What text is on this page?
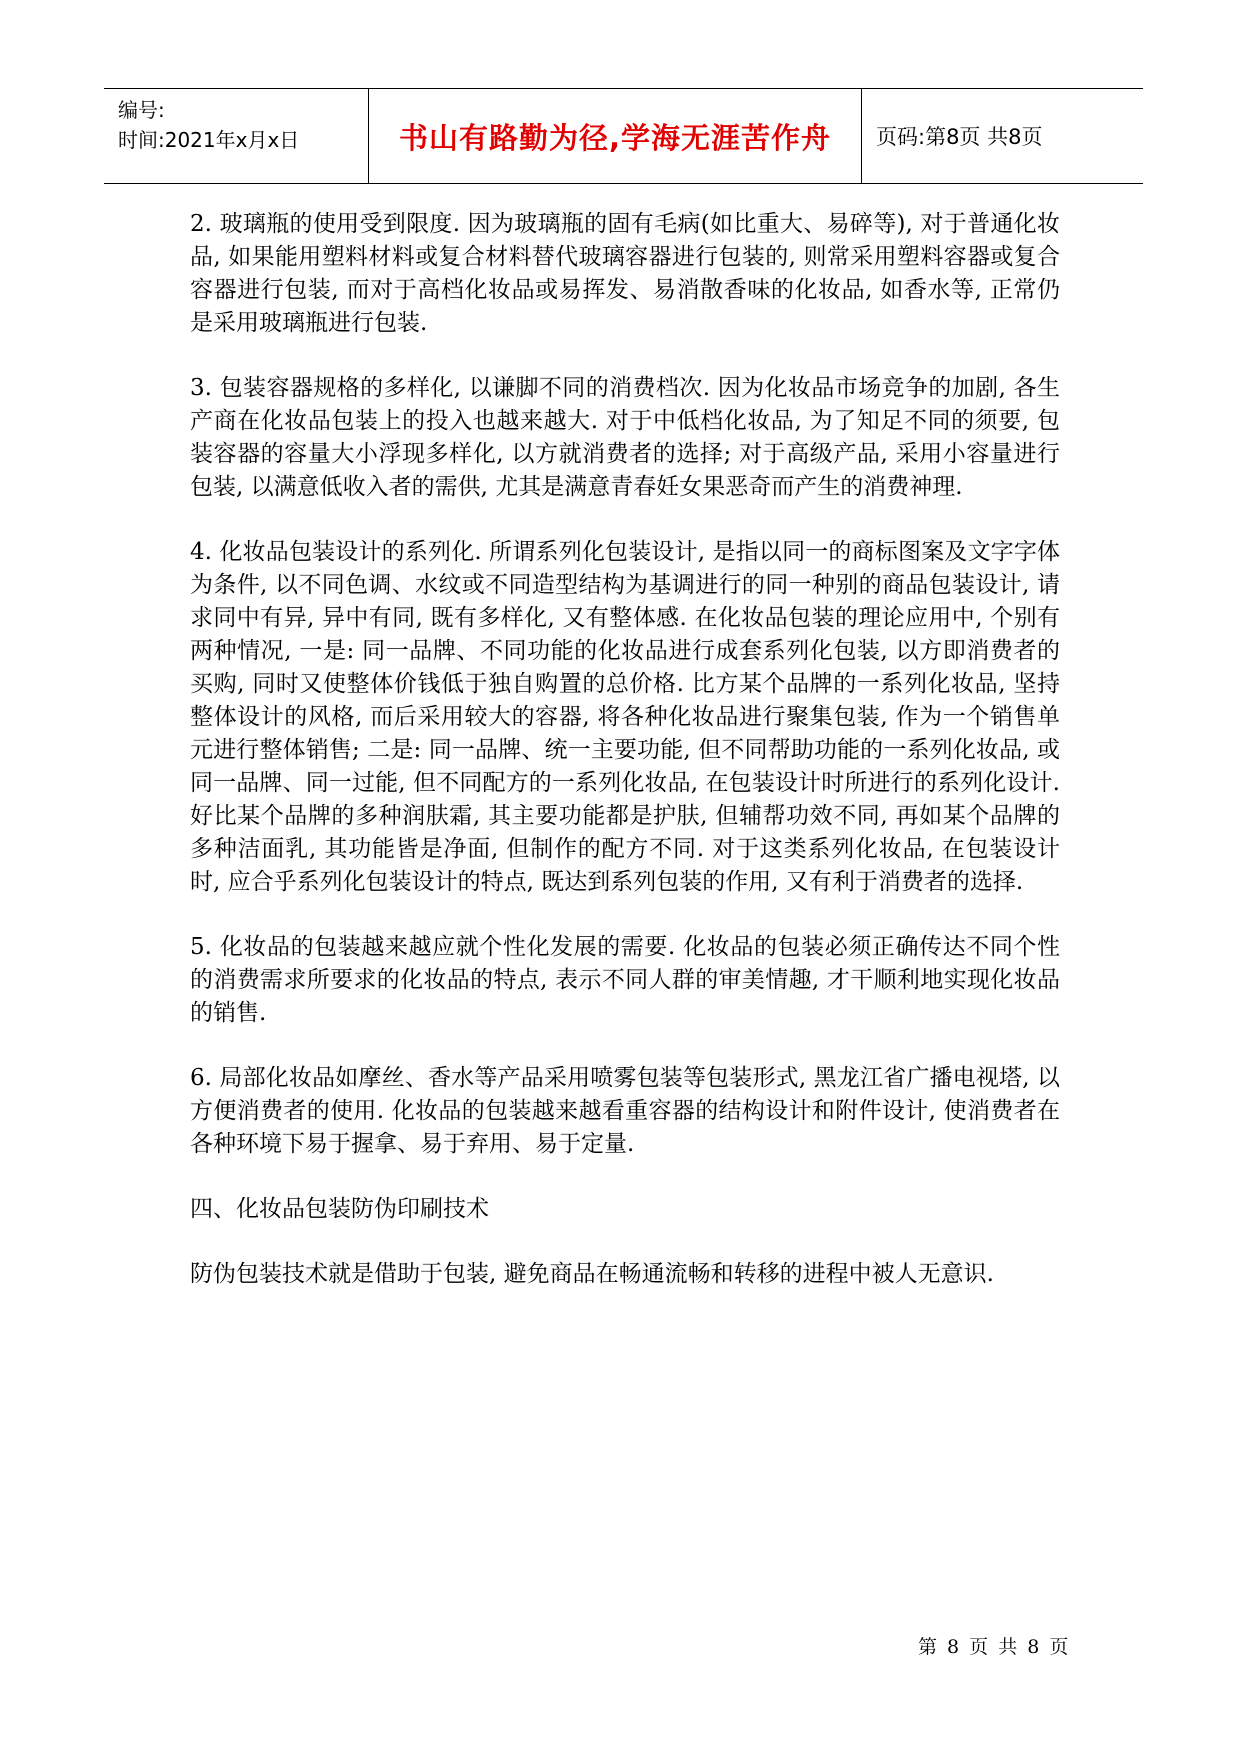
编号:
时间:2021年x月x日	书山有路勤为径,学海无涯苦作舟	页码:第8页 共8页

2. 玻璃瓶的使用受到限度. 因为玻璃瓶的固有毛病(如比重大、易碎等), 对于普通化妆品, 如果能用塑料材料或复合材料替代玻璃容器进行包装的, 则常采用塑料容器或复合容器进行包装, 而对于高档化妆品或易挥发、易消散香味的化妆品, 如香水等, 正常仍是采用玻璃瓶进行包装.

3. 包装容器规格的多样化, 以谦脚不同的消费档次. 因为化妆品市场竞争的加剧, 各生产商在化妆品包装上的投入也越来越大. 对于中低档化妆品, 为了知足不同的须要, 包装容器的容量大小浮现多样化, 以方就消费者的选择; 对于高级产品, 采用小容量进行包装, 以满意低收入者的需供, 尤其是满意青春妊女果恶奇而产生的消费神理.

4. 化妆品包装设计的系列化. 所谓系列化包装设计, 是指以同一的商标图案及文字字体为条件, 以不同色调、水纹或不同造型结构为基调进行的同一种别的商品包装设计, 请求同中有异, 异中有同, 既有多样化, 又有整体感. 在化妆品包装的理论应用中, 个别有两种情况, 一是: 同一品牌、不同功能的化妆品进行成套系列化包装, 以方即消费者的买购, 同时又使整体价钱低于独自购置的总价格. 比方某个品牌的一系列化妆品, 坚持整体设计的风格, 而后采用较大的容器, 将各种化妆品进行聚集包装, 作为一个销售单元进行整体销售; 二是: 同一品牌、统一主要功能, 但不同帮助功能的一系列化妆品, 或同一品牌、同一过能, 但不同配方的一系列化妆品, 在包装设计时所进行的系列化设计. 好比某个品牌的多种润肤霜, 其主要功能都是护肤, 但辅帮功效不同, 再如某个品牌的多种洁面乳, 其功能皆是净面, 但制作的配方不同. 对于这类系列化妆品, 在包装设计时, 应合乎系列化包装设计的特点, 既达到系列包装的作用, 又有利于消费者的选择.

5. 化妆品的包装越来越应就个性化发展的需要. 化妆品的包装必须正确传达不同个性的消费需求所要求的化妆品的特点, 表示不同人群的审美情趣, 才干顺利地实现化妆品的销售.

6. 局部化妆品如摩丝、香水等产品采用喷雾包装等包装形式, 黑龙江省广播电视塔, 以方便消费者的使用. 化妆品的包装越来越看重容器的结构设计和附件设计, 使消费者在各种环境下易于握拿、易于弃用、易于定量.

四、化妆品包装防伪印刷技术

防伪包装技术就是借助于包装, 避免商品在畅通流畅和转移的进程中被人无意识.

第 8 页 共 8 页
